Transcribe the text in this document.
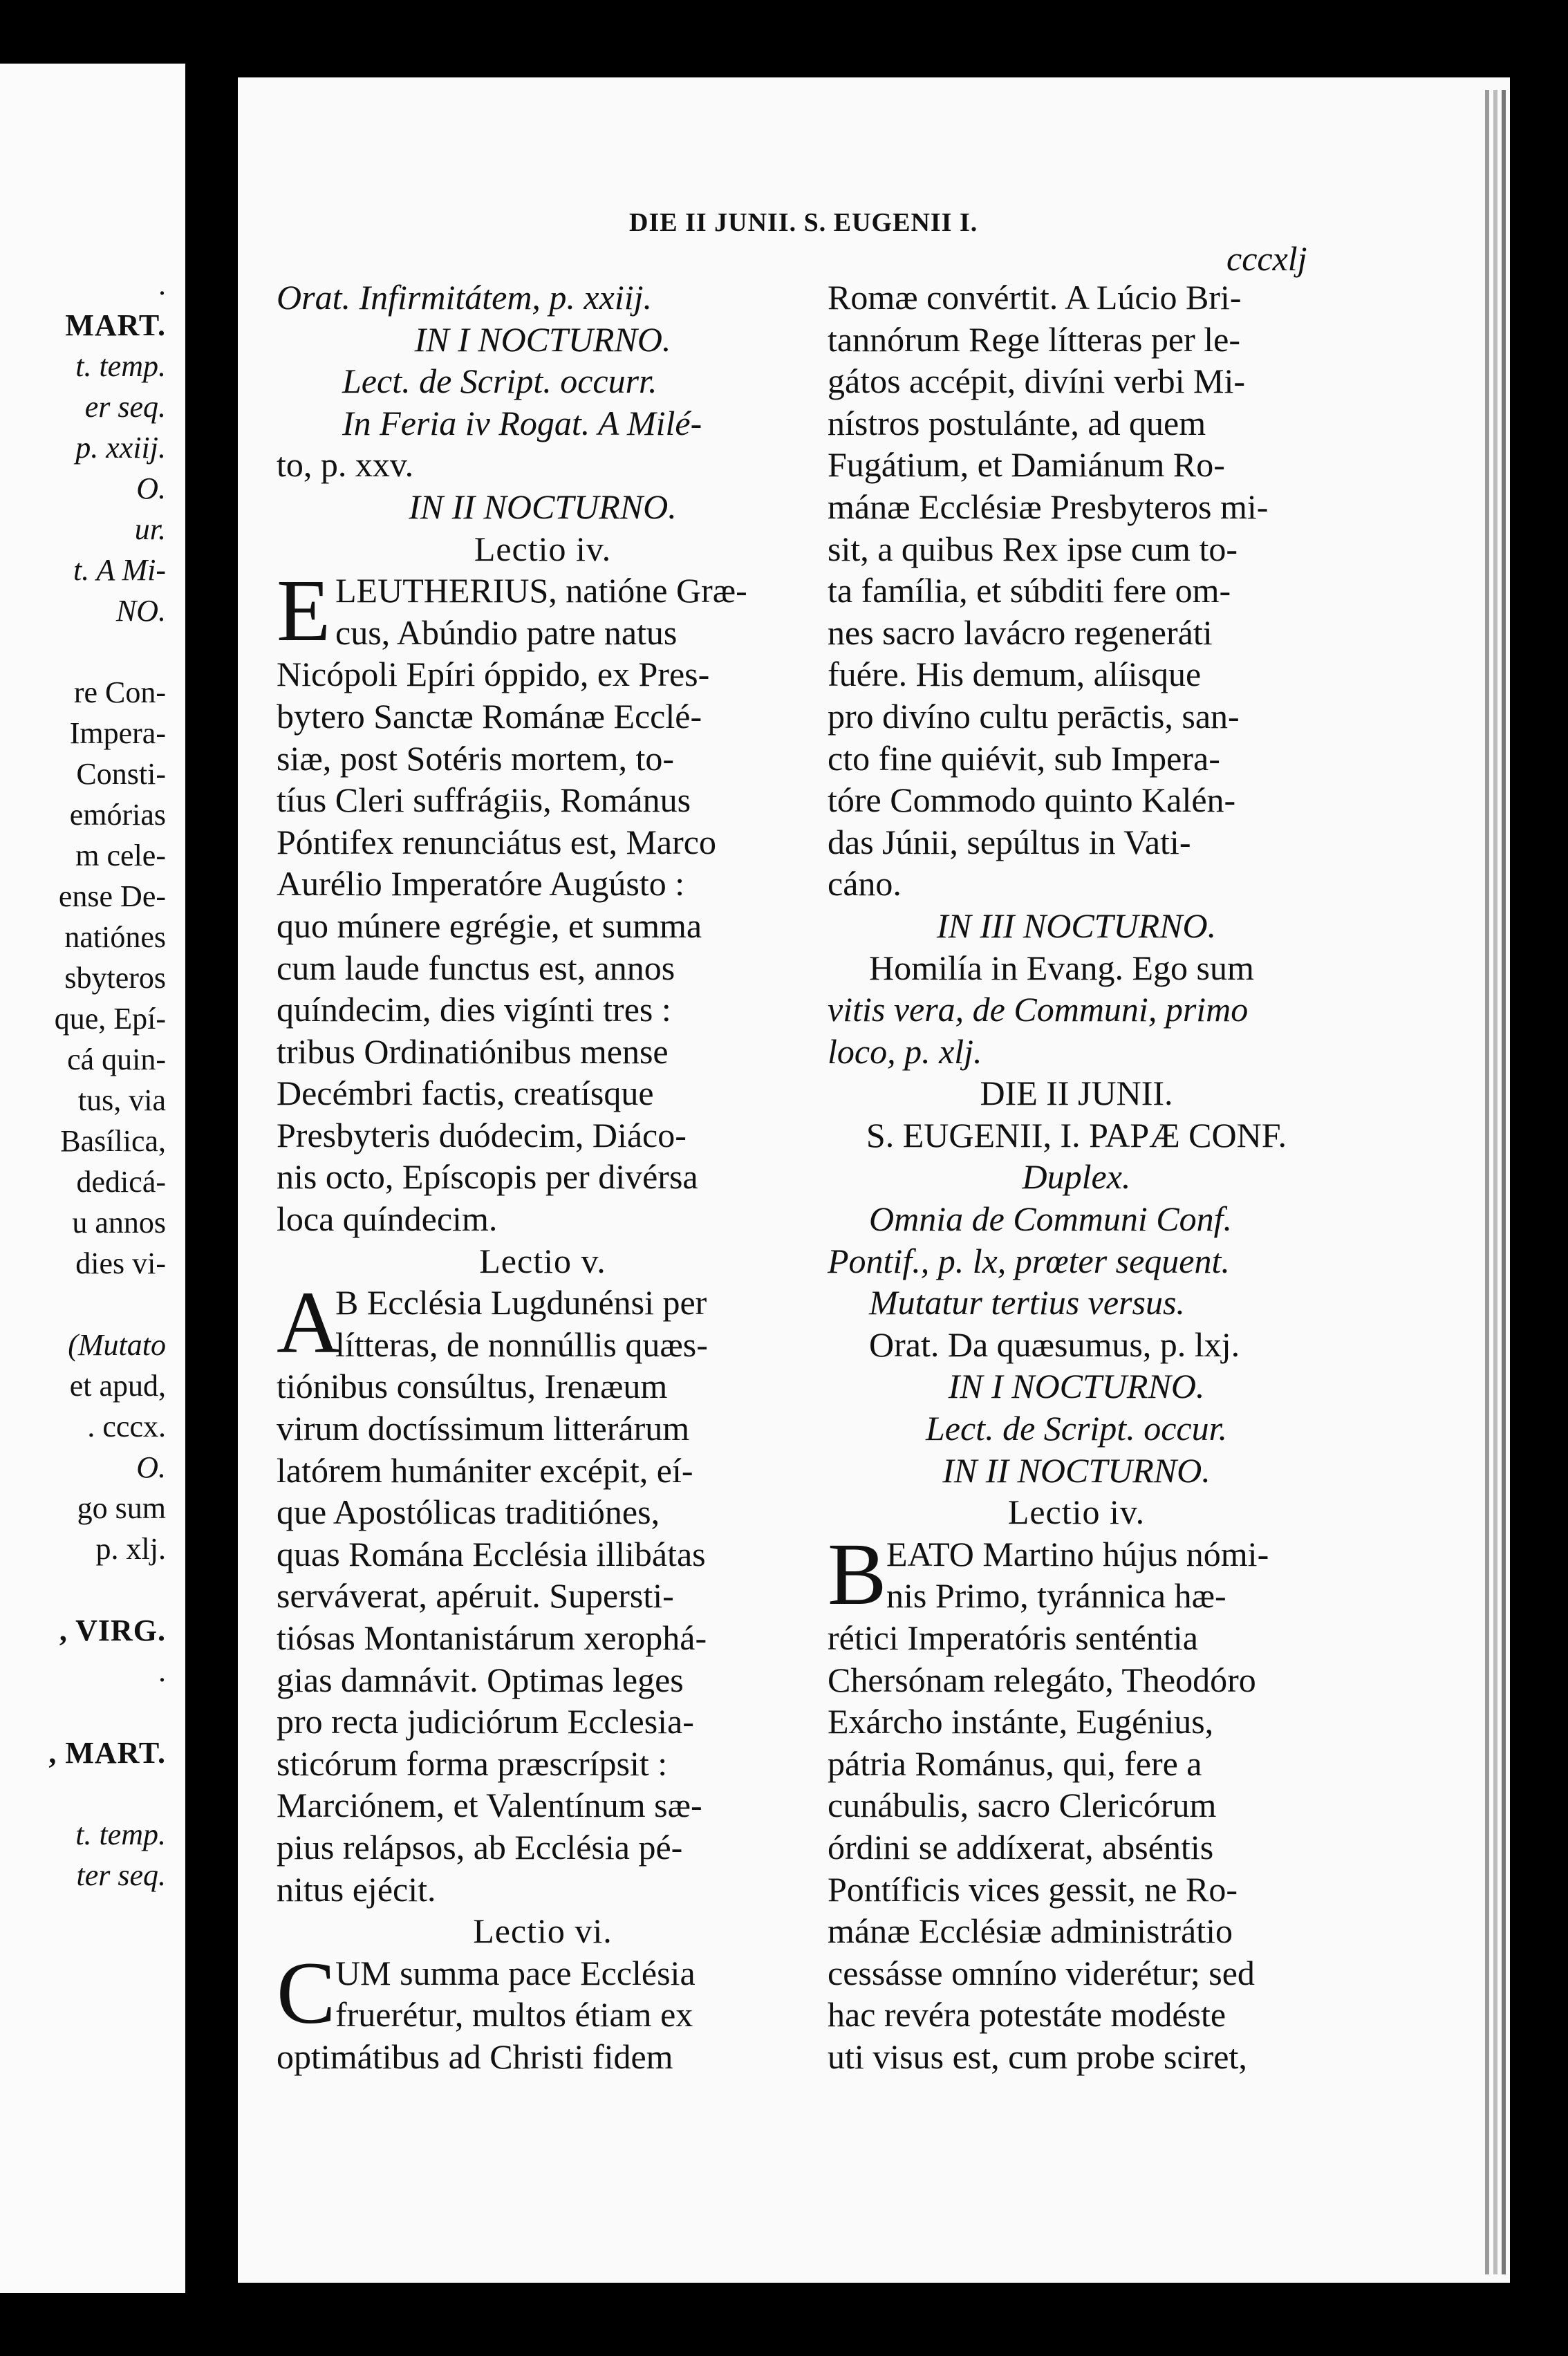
.
MART.
t. temp.
er seq.
p. xxiij.
O.
ur.
t. A Mi-
NO.
re Con-
Impera-
Consti-
emórias
m cele-
ense De-
natiónes
sbyteros
que, Epí-
cá quin-
tus, via
Basílica,
dedicá-
u annos
dies vi-
(Mutato
et apud,
. cccx.
O.
go sum
p. xlj.
, VIRG.
.
, MART.
t. temp.
ter seq.
DIE II JUNII. S. EUGENII I.
cccxlj
Orat. Infirmitátem, p. xxiij.
IN I NOCTURNO.
Lect. de Script. occurr.
In Feria iv Rogat. A Milé-
to, p. xxv.
IN II NOCTURNO.
Lectio iv.
E LEUTHERIUS, natióne Græ-
cus, Abúndio patre natus
Nicópoli Epíri óppido, ex Pres-
bytero Sanctæ Románæ Ecclé-
siæ, post Sotéris mortem, to-
tíus Cleri suffrágiis, Románus
Póntifex renunciátus est, Marco
Aurélio Imperatóre Augústo :
quo múnere egrégie, et summa
cum laude functus est, annos
quíndecim, dies vigínti tres :
tribus Ordinatiónibus mense
Decémbri factis, creatísque
Presbyteris duódecim, Diáco-
nis octo, Epíscopis per divérsa
loca quíndecim.
Lectio v.
A
B Ecclésia Lugdunénsi per
lítteras, de nonnúllis quæs-
tiónibus consúltus, Irenæum
virum doctíssimum litterárum
latórem humániter excépit, eí-
que Apostólicas traditiónes,
quas Románа Ecclésia illibátas
serváverat, apéruit. Supersti-
tiósas Montanistárum xerophá-
gias damnávit. Optimas leges
pro recta judiciórum Ecclesia-
sticórum forma præscrípsit :
Marciónem, et Valentínum sæ-
pius relápsos, ab Ecclésia pé-
nitus ejécit.
Lectio vi.
C UM summa pace Ecclésia
fruerétur, multos étiam ex
optimátibus ad Christi fidem
Romæ convértit. A Lúcio Bri-
tannórum Rege lítteras per le-
gátos accépit, divíni verbi Mi-
nístros postulánte, ad quem
Fugátium, et Damiánum Ro-
mánæ Ecclésiæ Presbyteros mi-
sit, a quibus Rex ipse cum to-
ta família, et súbditi fere om-
nes sacro lavácro regeneráti
fuére. His demum, alíisque
pro divíno cultu perāctis, san-
cto fine quiévit, sub Impera-
tóre Commodo quinto Kalén-
das Júnii, sepúltus in Vati-
cáno.
IN III NOCTURNO.
Homilía in Evang. Ego sum
vitis vera, de Communi, primo
loco, p. xlj.
DIE II JUNII.
S. EUGENII, I. PAPÆ CONF.
Duplex.
Omnia de Communi Conf.
Pontif., p. lx, prœter sequent.
Mutatur tertius versus.
Orat. Da quæsumus, p. lxj.
IN I NOCTURNO.
Lect. de Script. occur.
IN II NOCTURNO.
Lectio iv.
B EATO Martino hújus nómi-
nis Primo, tyránnica hæ-
rétici Imperatóris senténtia
Chersónam relegáto, Theodóro
Exárcho instánte, Eugénius,
pátria Románus, qui, fere a
cunábulis, sacro Clericórum
órdini se addíxerat, abséntis
Pontíficis vices gessit, ne Ro-
mánæ Ecclésiæ administrátio
cessásse omníno viderétur; sed
hac revéra potestáte modéste
uti visus est, cum probe sciret,
